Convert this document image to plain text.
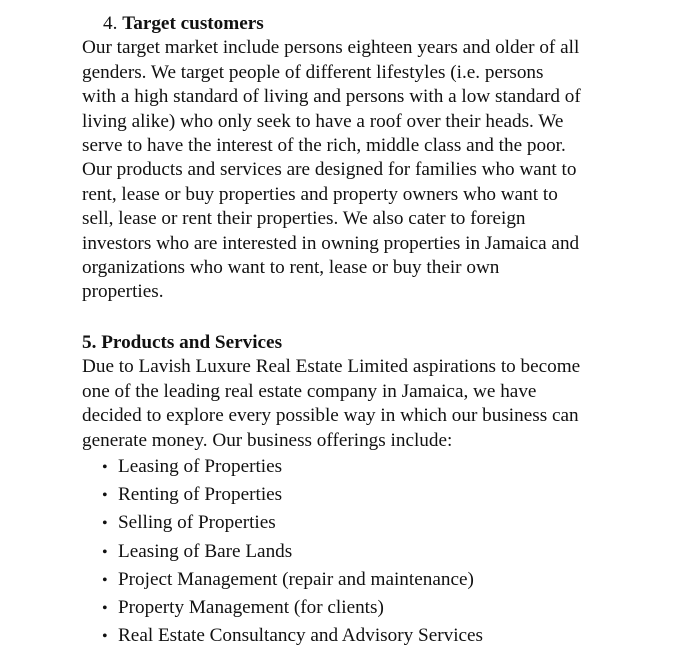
4. Target customers
Our target market include persons eighteen years and older of all
genders. We target people of different lifestyles (i.e. persons
with a high standard of living and persons with a low standard of
living alike) who only seek to have a roof over their heads. We
serve to have the interest of the rich, middle class and the poor.
Our products and services are designed for families who want to
rent, lease or buy properties and property owners who want to
sell, lease or rent their properties. We also cater to foreign
investors who are interested in owning properties in Jamaica and
organizations who want to rent, lease or buy their own
properties.
5. Products and Services
Due to Lavish Luxure Real Estate Limited aspirations to become
one of the leading real estate company in Jamaica, we have
decided to explore every possible way in which our business can
generate money. Our business offerings include:
• Leasing of Properties
• Renting of Properties
• Selling of Properties
• Leasing of Bare Lands
• Project Management (repair and maintenance)
• Property Management (for clients)
• Real Estate Consultancy and Advisory Services
